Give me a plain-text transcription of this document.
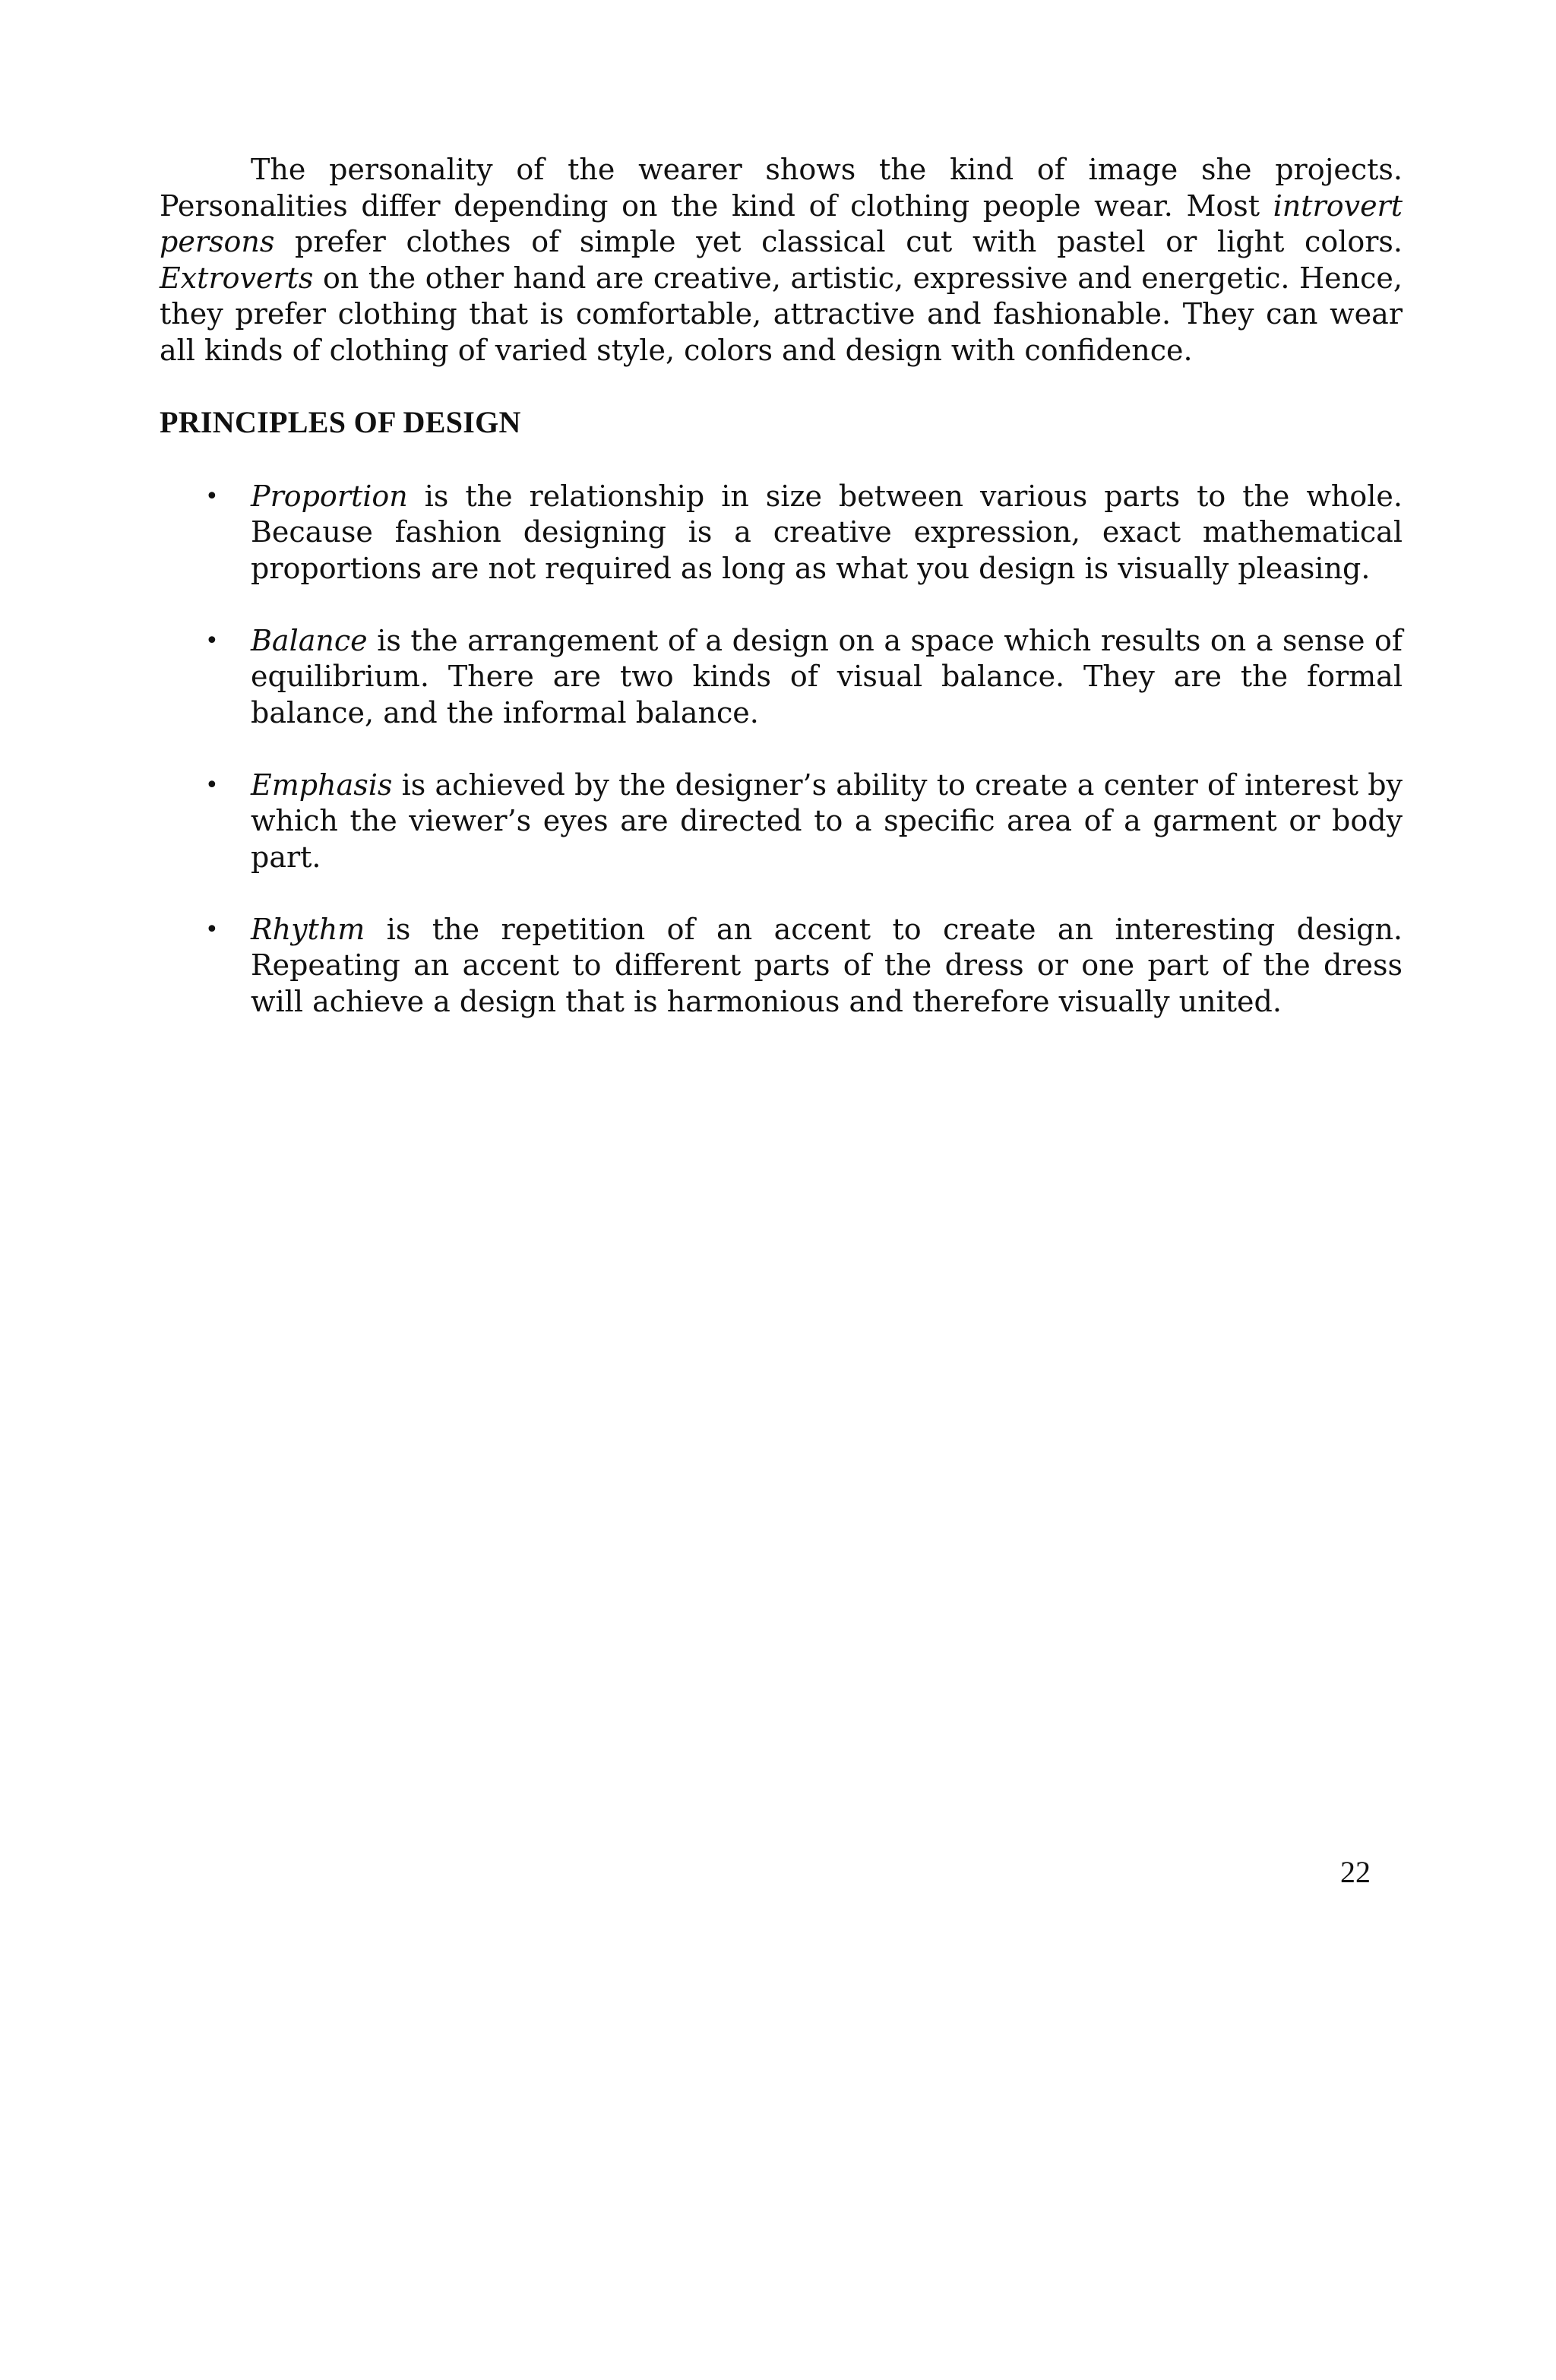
The personality of the wearer shows the kind of image she projects. Personalities differ depending on the kind of clothing people wear. Most introvert persons prefer clothes of simple yet classical cut with pastel or light colors. Extroverts on the other hand are creative, artistic, expressive and energetic. Hence, they prefer clothing that is comfortable, attractive and fashionable. They can wear all kinds of clothing of varied style, colors and design with confidence.

PRINCIPLES OF DESIGN
• Proportion is the relationship in size between various parts to the whole. Because fashion designing is a creative expression, exact mathematical proportions are not required as long as what you design is visually pleasing.
• Balance is the arrangement of a design on a space which results on a sense of equilibrium. There are two kinds of visual balance. They are the formal balance, and the informal balance.
• Emphasis is achieved by the designer’s ability to create a center of interest by which the viewer’s eyes are directed to a specific area of a garment or body part.
• Rhythm is the repetition of an accent to create an interesting design. Repeating an accent to different parts of the dress or one part of the dress will achieve a design that is harmonious and therefore visually united.
22
